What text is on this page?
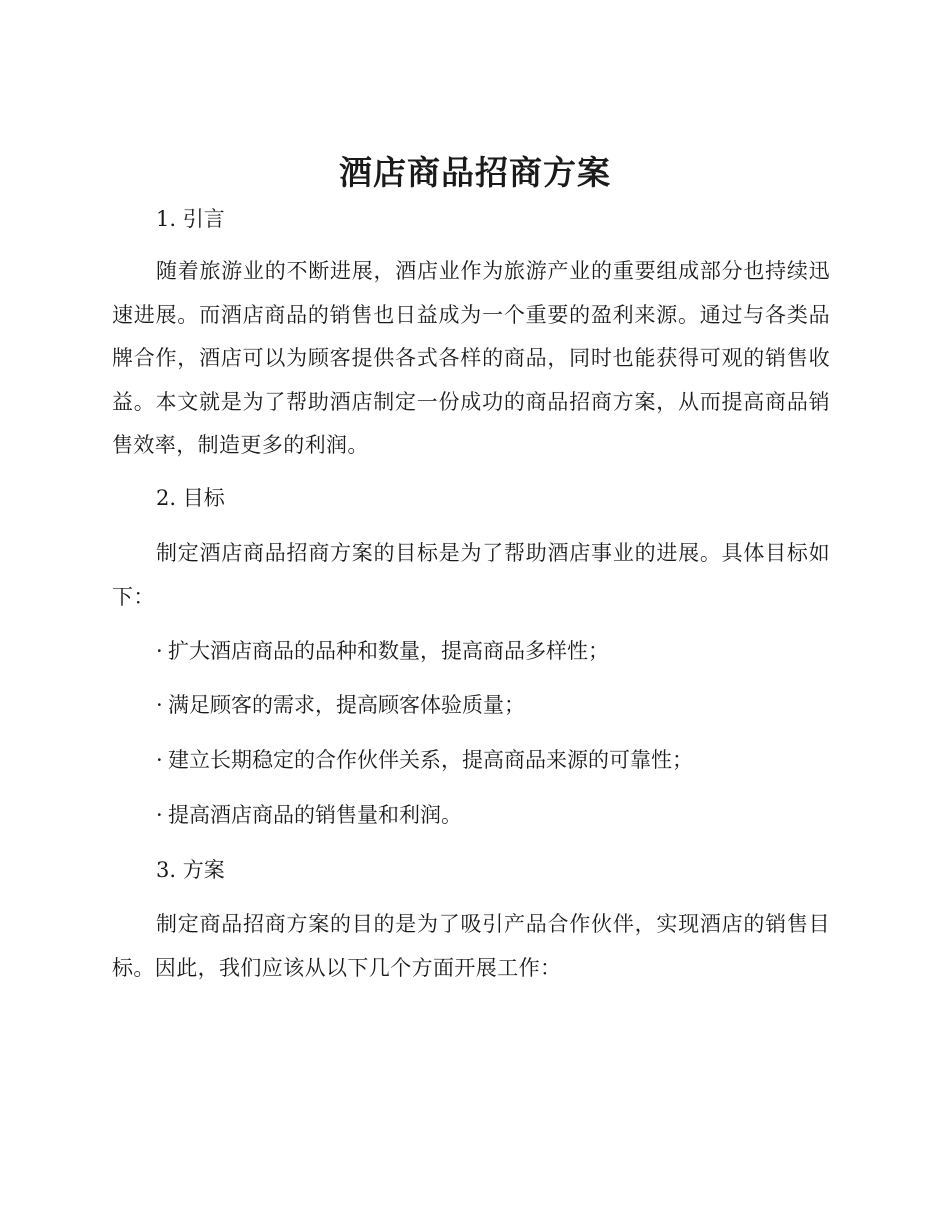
酒店商品招商方案
1. 引言

随着旅游业的不断进展，酒店业作为旅游产业的重要组成部分也持续迅速进展。而酒店商品的销售也日益成为一个重要的盈利来源。通过与各类品牌合作，酒店可以为顾客提供各式各样的商品，同时也能获得可观的销售收益。本文就是为了帮助酒店制定一份成功的商品招商方案，从而提高商品销售效率，制造更多的利润。

2. 目标

制定酒店商品招商方案的目标是为了帮助酒店事业的进展。具体目标如下：

· 扩大酒店商品的品种和数量，提高商品多样性；
· 满足顾客的需求，提高顾客体验质量；
· 建立长期稳定的合作伙伴关系，提高商品来源的可靠性；
· 提高酒店商品的销售量和利润。
3. 方案

制定商品招商方案的目的是为了吸引产品合作伙伴，实现酒店的销售目标。因此，我们应该从以下几个方面开展工作：
